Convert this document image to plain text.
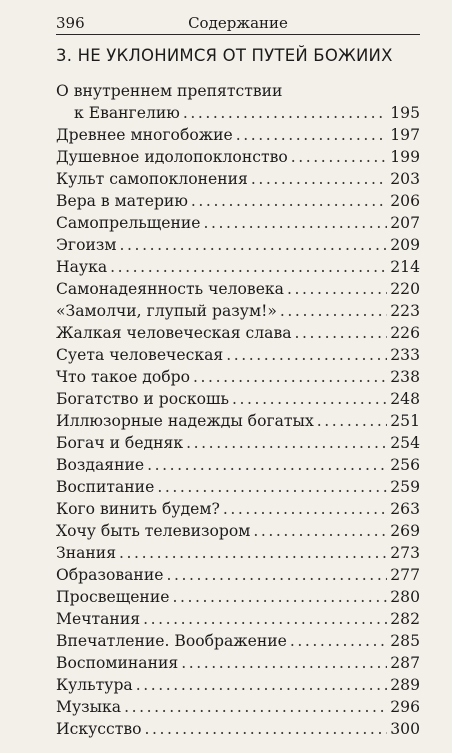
396	Содержание
3. НЕ УКЛОНИМСЯ ОТ ПУТЕЙ БОЖИИХ
О внутреннем препятствии
к Евангелию . . .	195
Древнее многобожие . . .	197
Душевное идолопоклонство . . .	199
Культ самопоклонения . . .	203
Вера в материю . . .	206
Самопрельщение . . .	207
Эгоизм . . .	209
Наука . . .	214
Самонадеянность человека . . .	220
«Замолчи, глупый разум!» . . .	223
Жалкая человеческая слава . . .	226
Суета человеческая . . .	233
Что такое добро . . .	238
Богатство и роскошь . . .	248
Иллюзорные надежды богатых . . .	251
Богач и бедняк . . .	254
Воздаяние . . .	256
Воспитание . . .	259
Кого винить будем? . . .	263
Хочу быть телевизором . . .	269
Знания . . .	273
Образование . . .	277
Просвещение . . .	280
Мечтания . . .	282
Впечатление. Воображение . . .	285
Воспоминания . . .	287
Культура . . .	289
Музыка . . .	296
Искусство . . .	300
